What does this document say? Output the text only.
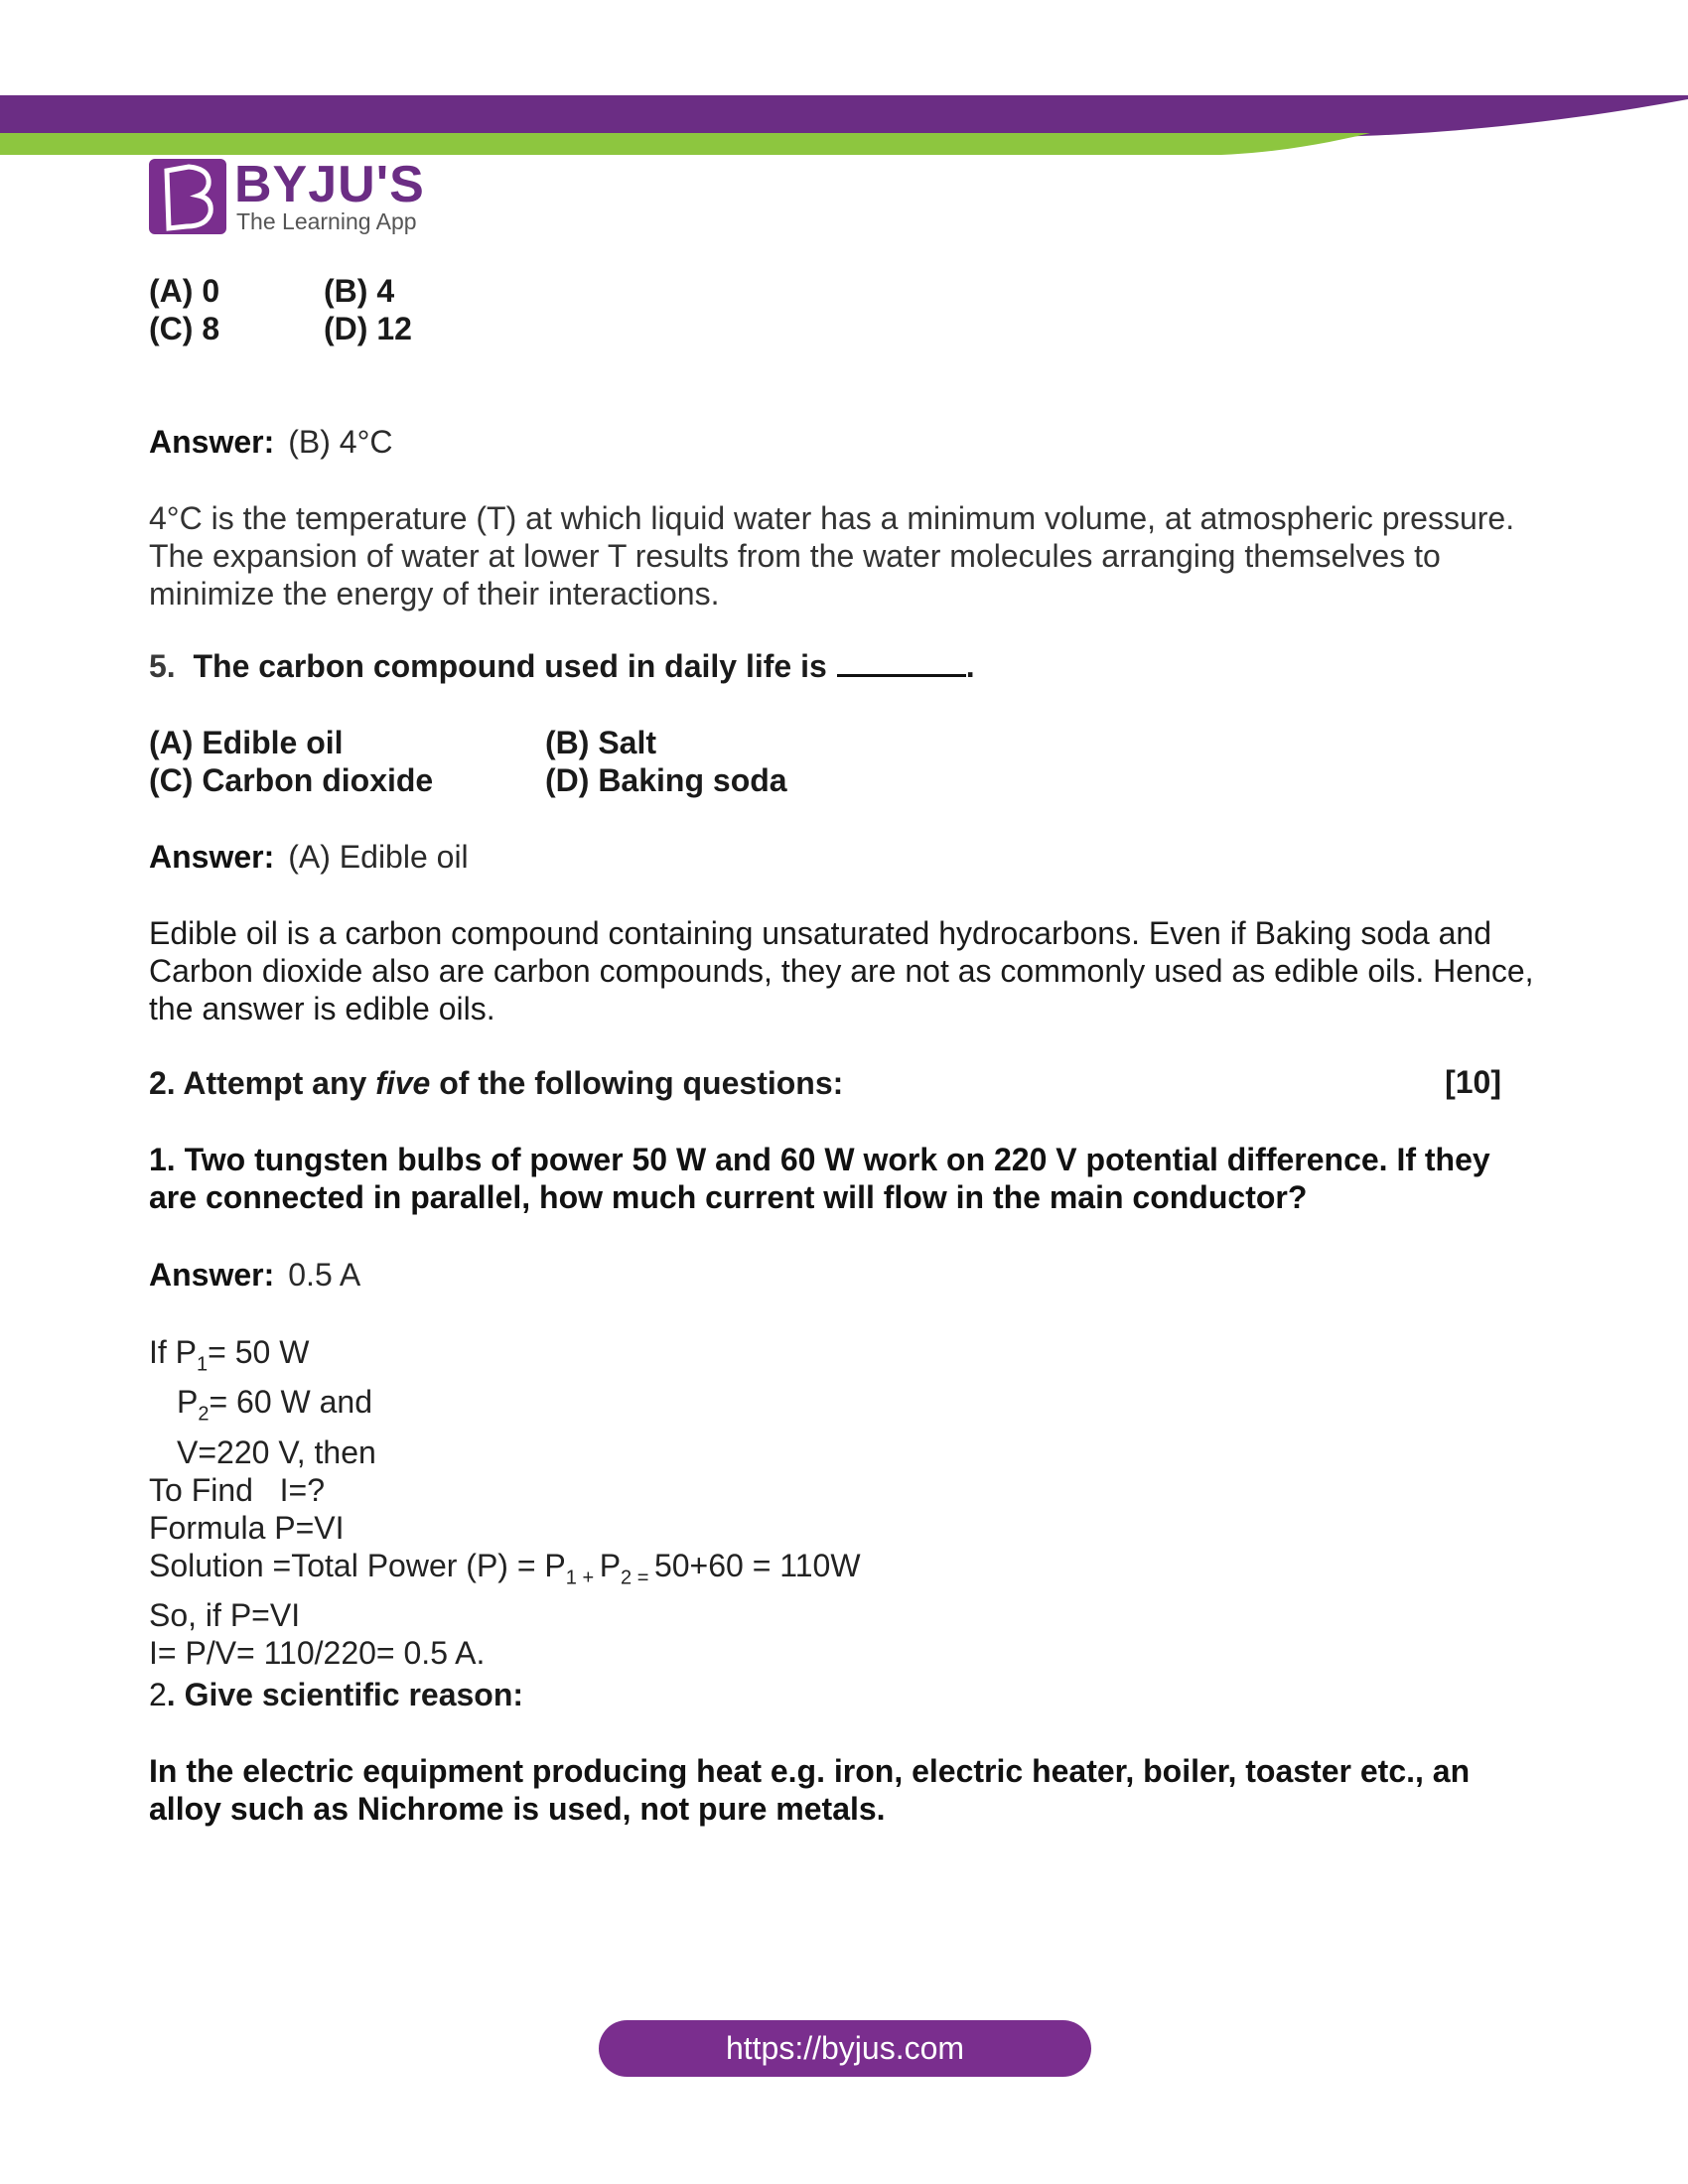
BYJU'S
The Learning App
(A) 0	(B) 4
(C) 8	(D) 12
Answer: (B) 4°C
4°C is the temperature (T) at which liquid water has a minimum volume, at atmospheric pressure. The expansion of water at lower T results from the water molecules arranging themselves to minimize the energy of their interactions.
5. The carbon compound used in daily life is	.
(A) Edible oil	(B) Salt
(C) Carbon dioxide	(D) Baking soda
Answer: (A) Edible oil
Edible oil is a carbon compound containing unsaturated hydrocarbons. Even if Baking soda and Carbon dioxide also are carbon compounds, they are not as commonly used as edible oils. Hence, the answer is edible oils.
2. Attempt any five of the following questions:	[10]
1. Two tungsten bulbs of power 50 W and 60 W work on 220 V potential difference. If they are connected in parallel, how much current will flow in the main conductor?
Answer: 0.5 A
If $P_1= 50$ W
$P_2= 60$ W and
V=220 V, then
To Find   I=?
Formula P=VI
Solution =Total Power $(P) = P_{1 +}$ $P_{2 =}$ 50+60 = 110W
So, if P=VI
I= P/V= 110/220= 0.5 A.
2. Give scientific reason:
In the electric equipment producing heat e.g. iron, electric heater, boiler, toaster etc., an alloy such as Nichrome is used, not pure metals.
https://byjus.com
